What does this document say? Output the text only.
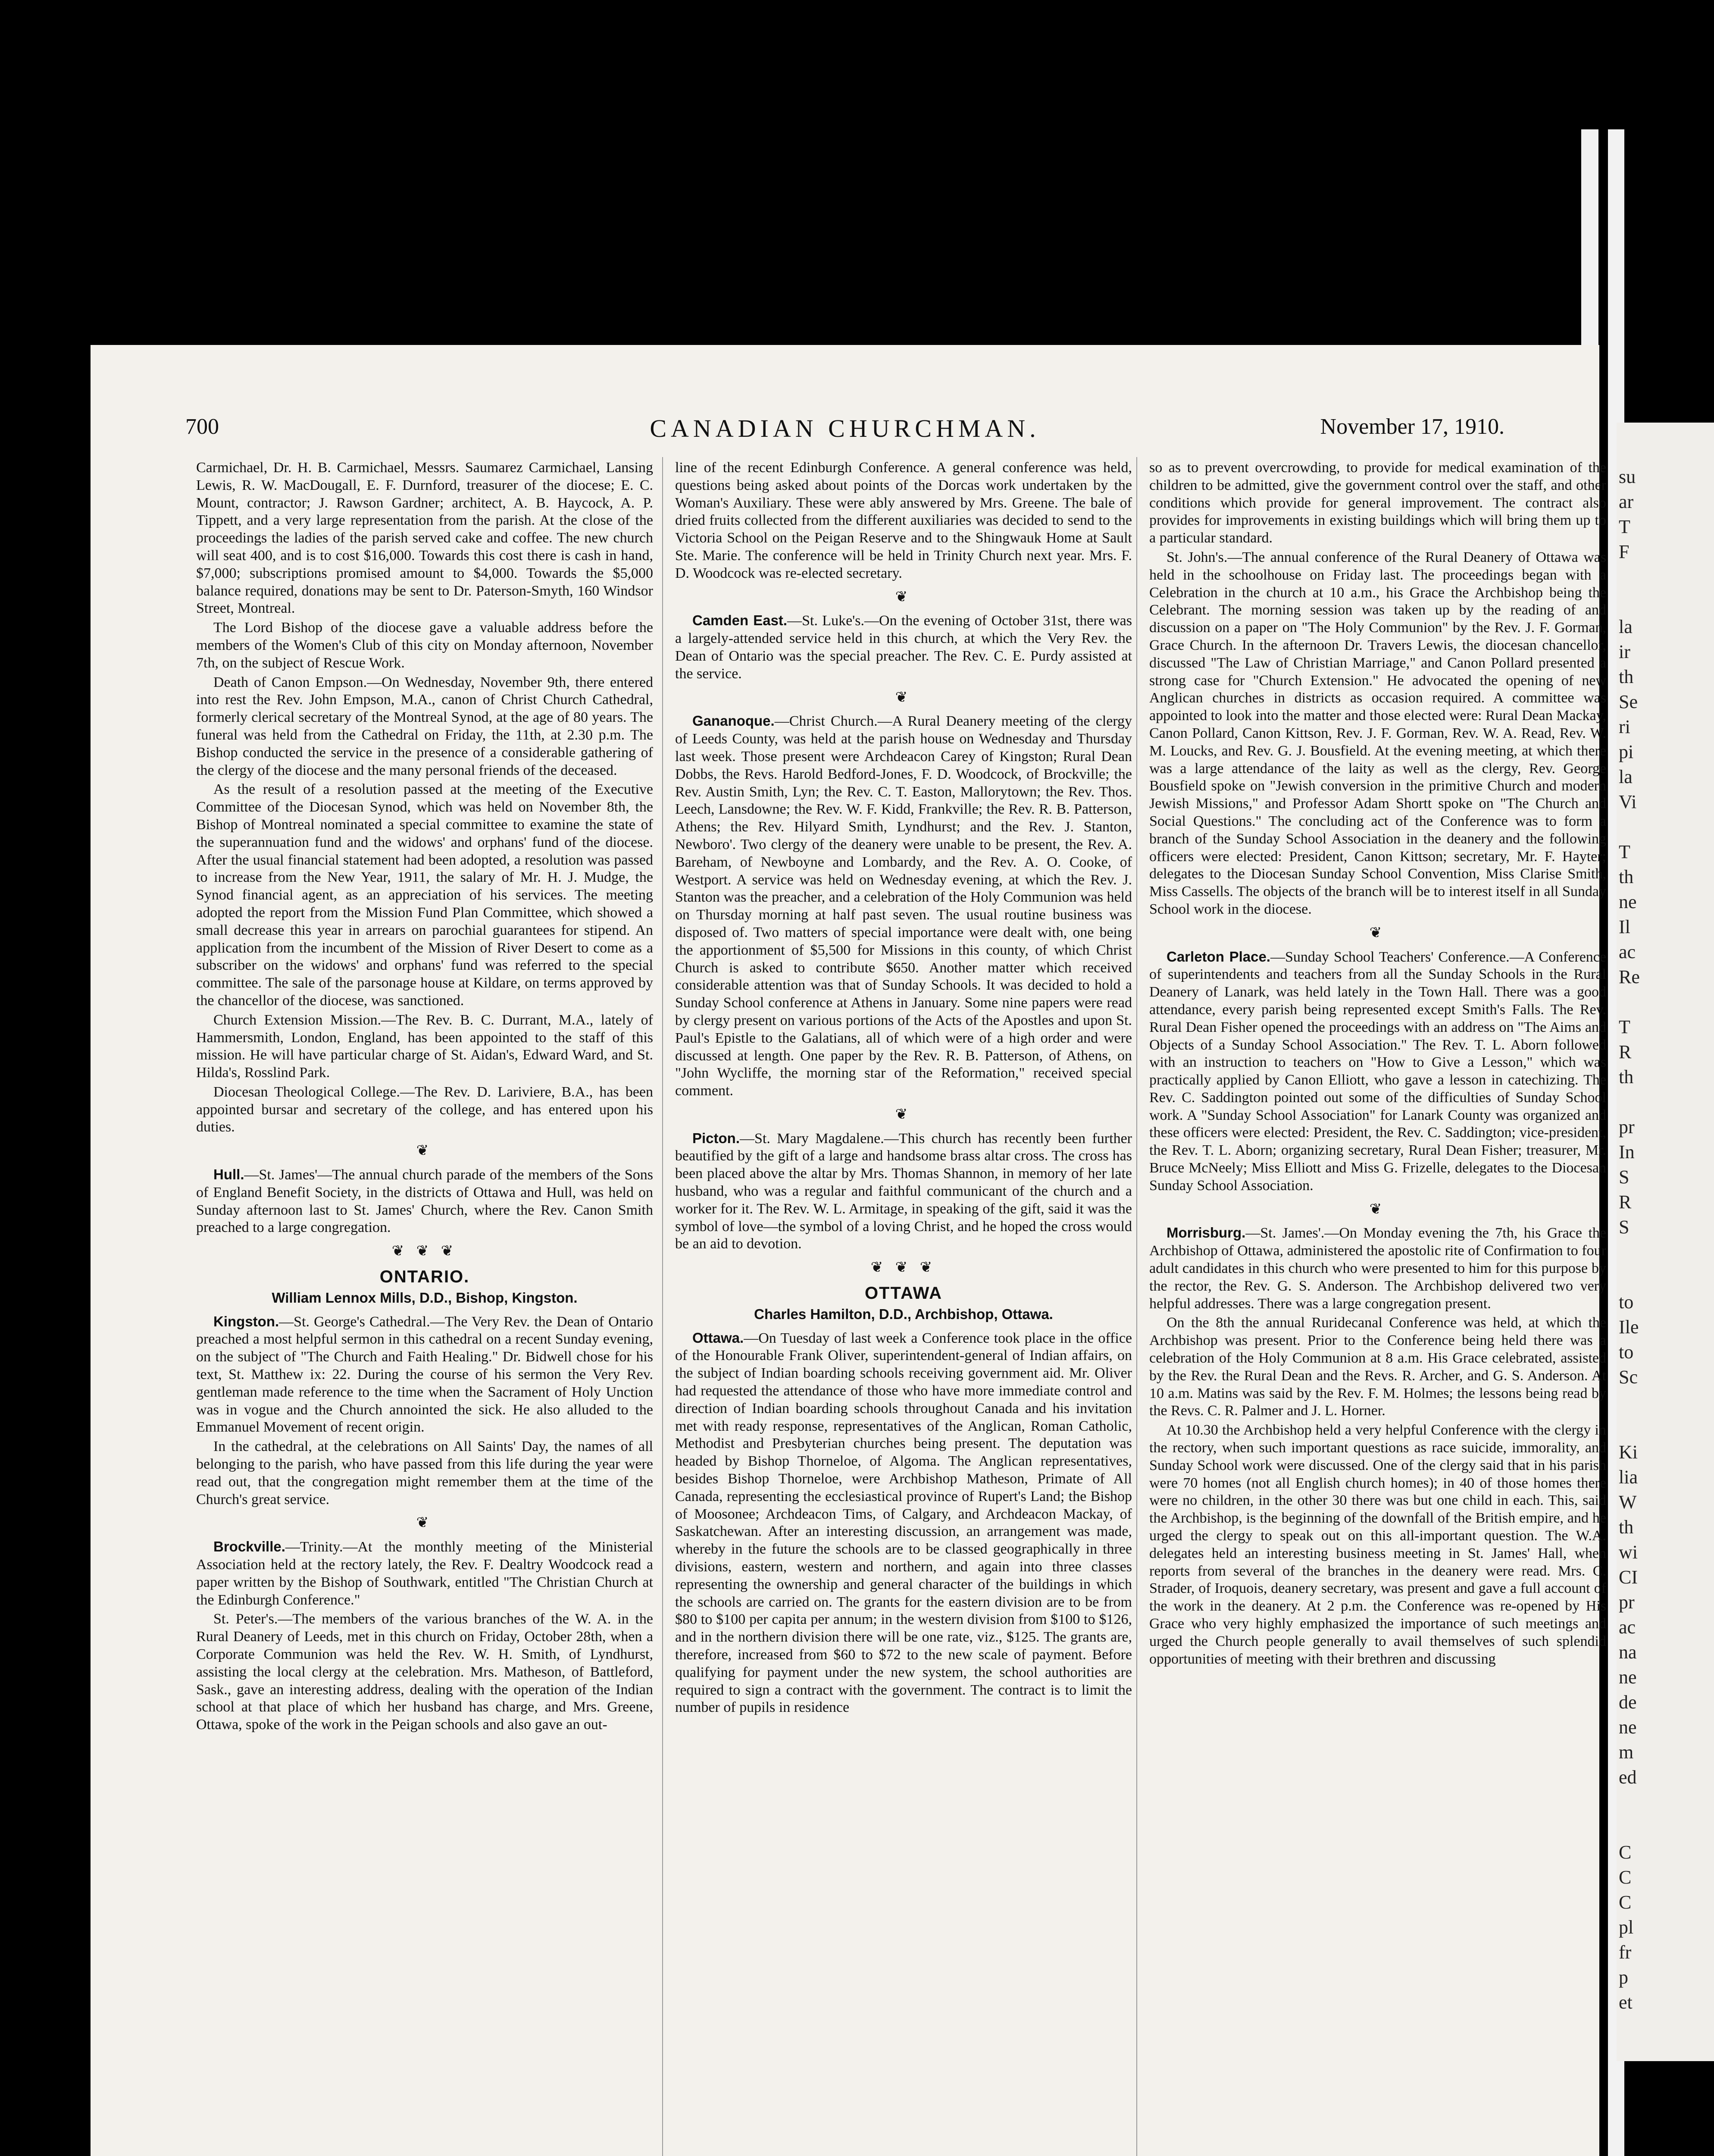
su
ar
T
F
la
ir
th
Se
ri
pi
la
Vi
T
th
ne
Il
ac
Re
T
R
th
pr
In
S
R
S
to
Ile
to
Sc
Ki
lia
W
th
wi
CI
pr
ac
na
ne
de
ne
m
ed
C
C
C
pl
fr
p
et
700	CANADIAN CHURCHMAN.	November 17, 1910.

Carmichael, Dr. H. B. Carmichael, Messrs. Saumarez Carmichael, Lansing Lewis, R. W. MacDougall, E. F. Durnford, treasurer of the diocese; E. C. Mount, contractor; J. Rawson Gardner; architect, A. B. Haycock, A. P. Tippett, and a very large representation from the parish. At the close of the proceedings the ladies of the parish served cake and coffee. The new church will seat 400, and is to cost $16,000. Towards this cost there is cash in hand, $7,000; subscriptions promised amount to $4,000. Towards the $5,000 balance required, donations may be sent to Dr. Paterson-Smyth, 160 Windsor Street, Montreal.

The Lord Bishop of the diocese gave a valuable address before the members of the Women's Club of this city on Monday afternoon, November 7th, on the subject of Rescue Work.

Death of Canon Empson.—On Wednesday, November 9th, there entered into rest the Rev. John Empson, M.A., canon of Christ Church Cathedral, formerly clerical secretary of the Montreal Synod, at the age of 80 years. The funeral was held from the Cathedral on Friday, the 11th, at 2.30 p.m. The Bishop conducted the service in the presence of a considerable gathering of the clergy of the diocese and the many personal friends of the deceased.

As the result of a resolution passed at the meeting of the Executive Committee of the Diocesan Synod, which was held on November 8th, the Bishop of Montreal nominated a special committee to examine the state of the superannuation fund and the widows' and orphans' fund of the diocese. After the usual financial statement had been adopted, a resolution was passed to increase from the New Year, 1911, the salary of Mr. H. J. Mudge, the Synod financial agent, as an appreciation of his services. The meeting adopted the report from the Mission Fund Plan Committee, which showed a small decrease this year in arrears on parochial guarantees for stipend. An application from the incumbent of the Mission of River Desert to come as a subscriber on the widows' and orphans' fund was referred to the special committee. The sale of the parsonage house at Kildare, on terms approved by the chancellor of the diocese, was sanctioned.

Church Extension Mission.—The Rev. B. C. Durrant, M.A., lately of Hammersmith, London, England, has been appointed to the staff of this mission. He will have particular charge of St. Aidan's, Edward Ward, and St. Hilda's, Rosslind Park.

Diocesan Theological College.—The Rev. D. Lariviere, B.A., has been appointed bursar and secretary of the college, and has entered upon his duties.

❦

Hull.—St. James'—The annual church parade of the members of the Sons of England Benefit Society, in the districts of Ottawa and Hull, was held on Sunday afternoon last to St. James' Church, where the Rev. Canon Smith preached to a large congregation.

❦ ❦ ❦
ONTARIO.
William Lennox Mills, D.D., Bishop, Kingston.

Kingston.—St. George's Cathedral.—The Very Rev. the Dean of Ontario preached a most helpful sermon in this cathedral on a recent Sunday evening, on the subject of "The Church and Faith Healing." Dr. Bidwell chose for his text, St. Matthew ix: 22. During the course of his sermon the Very Rev. gentleman made reference to the time when the Sacrament of Holy Unction was in vogue and the Church annointed the sick. He also alluded to the Emmanuel Movement of recent origin.

In the cathedral, at the celebrations on All Saints' Day, the names of all belonging to the parish, who have passed from this life during the year were read out, that the congregation might remember them at the time of the Church's great service.

❦

Brockville.—Trinity.—At the monthly meeting of the Ministerial Association held at the rectory lately, the Rev. F. Dealtry Woodcock read a paper written by the Bishop of Southwark, entitled "The Christian Church at the Edinburgh Conference."

St. Peter's.—The members of the various branches of the W. A. in the Rural Deanery of Leeds, met in this church on Friday, October 28th, when a Corporate Communion was held the Rev. W. H. Smith, of Lyndhurst, assisting the local clergy at the celebration. Mrs. Matheson, of Battleford, Sask., gave an interesting address, dealing with the operation of the Indian school at that place of which her husband has charge, and Mrs. Greene, Ottawa, spoke of the work in the Peigan schools and also gave an out-

line of the recent Edinburgh Conference. A general conference was held, questions being asked about points of the Dorcas work undertaken by the Woman's Auxiliary. These were ably answered by Mrs. Greene. The bale of dried fruits collected from the different auxiliaries was decided to send to the Victoria School on the Peigan Reserve and to the Shingwauk Home at Sault Ste. Marie. The conference will be held in Trinity Church next year. Mrs. F. D. Woodcock was re-elected secretary.

❦

Camden East.—St. Luke's.—On the evening of October 31st, there was a largely-attended service held in this church, at which the Very Rev. the Dean of Ontario was the special preacher. The Rev. C. E. Purdy assisted at the service.

❦

Gananoque.—Christ Church.—A Rural Deanery meeting of the clergy of Leeds County, was held at the parish house on Wednesday and Thursday last week. Those present were Archdeacon Carey of Kingston; Rural Dean Dobbs, the Revs. Harold Bedford-Jones, F. D. Woodcock, of Brockville; the Rev. Austin Smith, Lyn; the Rev. C. T. Easton, Mallorytown; the Rev. Thos. Leech, Lansdowne; the Rev. W. F. Kidd, Frankville; the Rev. R. B. Patterson, Athens; the Rev. Hilyard Smith, Lyndhurst; and the Rev. J. Stanton, Newboro'. Two clergy of the deanery were unable to be present, the Rev. A. Bareham, of Newboyne and Lombardy, and the Rev. A. O. Cooke, of Westport. A service was held on Wednesday evening, at which the Rev. J. Stanton was the preacher, and a celebration of the Holy Communion was held on Thursday morning at half past seven. The usual routine business was disposed of. Two matters of special importance were dealt with, one being the apportionment of $5,500 for Missions in this county, of which Christ Church is asked to contribute $650. Another matter which received considerable attention was that of Sunday Schools. It was decided to hold a Sunday School conference at Athens in January. Some nine papers were read by clergy present on various portions of the Acts of the Apostles and upon St. Paul's Epistle to the Galatians, all of which were of a high order and were discussed at length. One paper by the Rev. R. B. Patterson, of Athens, on "John Wycliffe, the morning star of the Reformation," received special comment.

❦

Picton.—St. Mary Magdalene.—This church has recently been further beautified by the gift of a large and handsome brass altar cross. The cross has been placed above the altar by Mrs. Thomas Shannon, in memory of her late husband, who was a regular and faithful communicant of the church and a worker for it. The Rev. W. L. Armitage, in speaking of the gift, said it was the symbol of love—the symbol of a loving Christ, and he hoped the cross would be an aid to devotion.

❦ ❦ ❦
OTTAWA
Charles Hamilton, D.D., Archbishop, Ottawa.

Ottawa.—On Tuesday of last week a Conference took place in the office of the Honourable Frank Oliver, superintendent-general of Indian affairs, on the subject of Indian boarding schools receiving government aid. Mr. Oliver had requested the attendance of those who have more immediate control and direction of Indian boarding schools throughout Canada and his invitation met with ready response, representatives of the Anglican, Roman Catholic, Methodist and Presbyterian churches being present. The deputation was headed by Bishop Thorneloe, of Algoma. The Anglican representatives, besides Bishop Thorneloe, were Archbishop Matheson, Primate of All Canada, representing the ecclesiastical province of Rupert's Land; the Bishop of Moosonee; Archdeacon Tims, of Calgary, and Archdeacon Mackay, of Saskatchewan. After an interesting discussion, an arrangement was made, whereby in the future the schools are to be classed geographically in three divisions, eastern, western and northern, and again into three classes representing the ownership and general character of the buildings in which the schools are carried on. The grants for the eastern division are to be from $80 to $100 per capita per annum; in the western division from $100 to $126, and in the northern division there will be one rate, viz., $125. The grants are, therefore, increased from $60 to $72 to the new scale of payment. Before qualifying for payment under the new system, the school authorities are required to sign a contract with the government. The contract is to limit the number of pupils in residence

so as to prevent overcrowding, to provide for medical examination of the children to be admitted, give the government control over the staff, and other conditions which provide for general improvement. The contract also provides for improvements in existing buildings which will bring them up to a particular standard.

St. John's.—The annual conference of the Rural Deanery of Ottawa was held in the schoolhouse on Friday last. The proceedings began with a Celebration in the church at 10 a.m., his Grace the Archbishop being the Celebrant. The morning session was taken up by the reading of and discussion on a paper on "The Holy Communion" by the Rev. J. F. Gorman, Grace Church. In the afternoon Dr. Travers Lewis, the diocesan chancellor, discussed "The Law of Christian Marriage," and Canon Pollard presented a strong case for "Church Extension." He advocated the opening of new Anglican churches in districts as occasion required. A committee was appointed to look into the matter and those elected were: Rural Dean Mackay, Canon Pollard, Canon Kittson, Rev. J. F. Gorman, Rev. W. A. Read, Rev. W. M. Loucks, and Rev. G. J. Bousfield. At the evening meeting, at which there was a large attendance of the laity as well as the clergy, Rev. George Bousfield spoke on "Jewish conversion in the primitive Church and modern Jewish Missions," and Professor Adam Shortt spoke on "The Church and Social Questions." The concluding act of the Conference was to form a branch of the Sunday School Association in the deanery and the following officers were elected: President, Canon Kittson; secretary, Mr. F. Hayter; delegates to the Diocesan Sunday School Convention, Miss Clarise Smith, Miss Cassells. The objects of the branch will be to interest itself in all Sunday School work in the diocese.

❦

Carleton Place.—Sunday School Teachers' Conference.—A Conference of superintendents and teachers from all the Sunday Schools in the Rural Deanery of Lanark, was held lately in the Town Hall. There was a good attendance, every parish being represented except Smith's Falls. The Rev. Rural Dean Fisher opened the proceedings with an address on "The Aims and Objects of a Sunday School Association." The Rev. T. L. Aborn followed with an instruction to teachers on "How to Give a Lesson," which was practically applied by Canon Elliott, who gave a lesson in catechizing. The Rev. C. Saddington pointed out some of the difficulties of Sunday School work. A "Sunday School Association" for Lanark County was organized and these officers were elected: President, the Rev. C. Saddington; vice-president, the Rev. T. L. Aborn; organizing secretary, Rural Dean Fisher; treasurer, Mr. Bruce McNeely; Miss Elliott and Miss G. Frizelle, delegates to the Diocesan Sunday School Association.

❦

Morrisburg.—St. James'.—On Monday evening the 7th, his Grace the Archbishop of Ottawa, administered the apostolic rite of Confirmation to four adult candidates in this church who were presented to him for this purpose by the rector, the Rev. G. S. Anderson. The Archbishop delivered two very helpful addresses. There was a large congregation present.

On the 8th the annual Ruridecanal Conference was held, at which the Archbishop was present. Prior to the Conference being held there was a celebration of the Holy Communion at 8 a.m. His Grace celebrated, assisted by the Rev. the Rural Dean and the Revs. R. Archer, and G. S. Anderson. At 10 a.m. Matins was said by the Rev. F. M. Holmes; the lessons being read by the Revs. C. R. Palmer and J. L. Horner.

At 10.30 the Archbishop held a very helpful Conference with the clergy in the rectory, when such important questions as race suicide, immorality, and Sunday School work were discussed. One of the clergy said that in his parish were 70 homes (not all English church homes); in 40 of those homes there were no children, in the other 30 there was but one child in each. This, said the Archbishop, is the beginning of the downfall of the British empire, and he urged the clergy to speak out on this all-important question. The W.A. delegates held an interesting business meeting in St. James' Hall, when reports from several of the branches in the deanery were read. Mrs. C. Strader, of Iroquois, deanery secretary, was present and gave a full account of the work in the deanery. At 2 p.m. the Conference was re-opened by His Grace who very highly emphasized the importance of such meetings and urged the Church people generally to avail themselves of such splendid opportunities of meeting with their brethren and discussing
